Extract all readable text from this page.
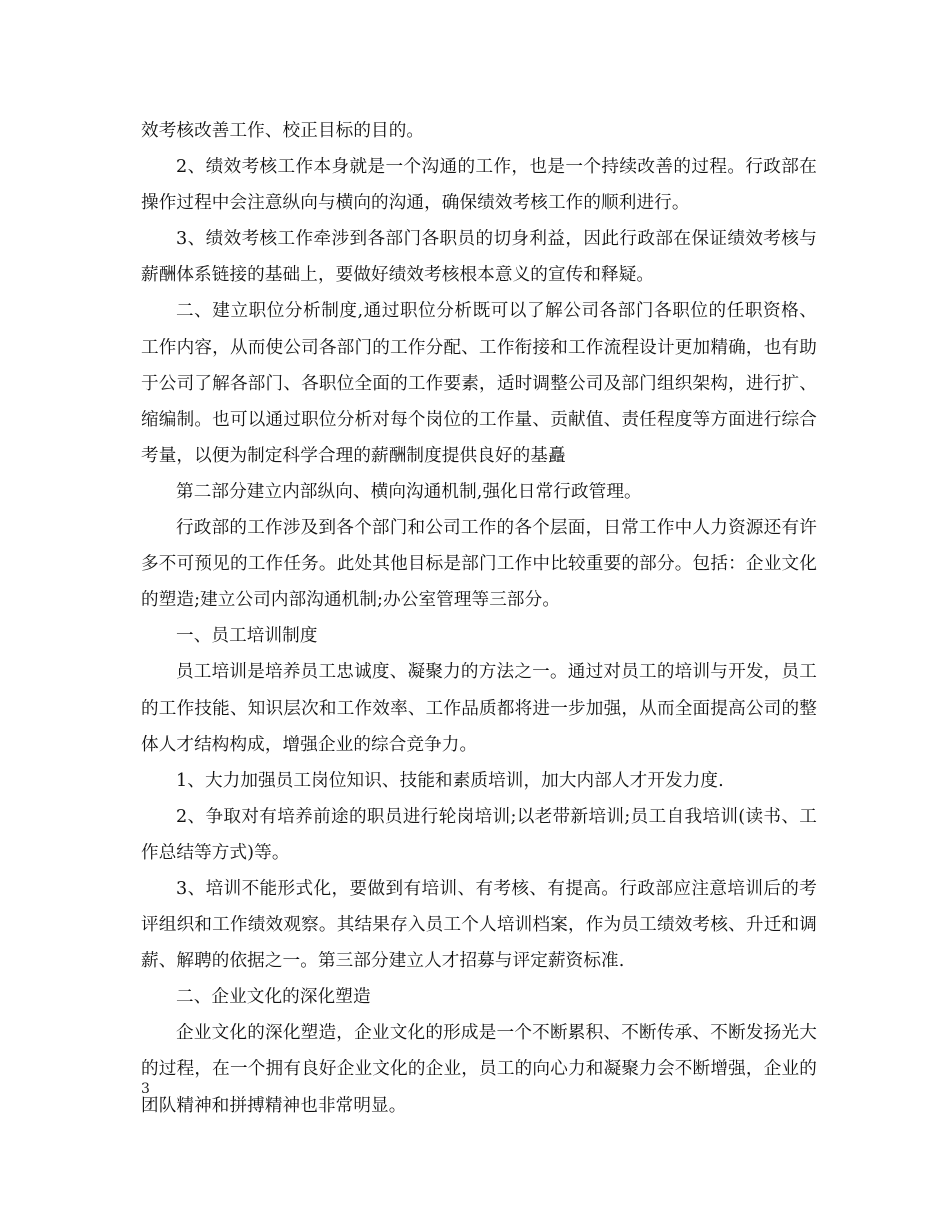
效考核改善工作、校正目标的目的。

2、绩效考核工作本身就是一个沟通的工作，也是一个持续改善的过程。行政部在操作过程中会注意纵向与横向的沟通，确保绩效考核工作的顺利进行。

3、绩效考核工作牵涉到各部门各职员的切身利益，因此行政部在保证绩效考核与薪酬体系链接的基础上，要做好绩效考核根本意义的宣传和释疑。

二、建立职位分析制度,通过职位分析既可以了解公司各部门各职位的任职资格、工作内容，从而使公司各部门的工作分配、工作衔接和工作流程设计更加精确，也有助于公司了解各部门、各职位全面的工作要素，适时调整公司及部门组织架构，进行扩、缩编制。也可以通过职位分析对每个岗位的工作量、贡献值、责任程度等方面进行综合考量，以便为制定科学合理的薪酬制度提供良好的基矗

第二部分建立内部纵向、横向沟通机制,强化日常行政管理。

行政部的工作涉及到各个部门和公司工作的各个层面，日常工作中人力资源还有许多不可预见的工作任务。此处其他目标是部门工作中比较重要的部分。包括：企业文化的塑造;建立公司内部沟通机制;办公室管理等三部分。

一、员工培训制度

员工培训是培养员工忠诚度、凝聚力的方法之一。通过对员工的培训与开发，员工的工作技能、知识层次和工作效率、工作品质都将进一步加强，从而全面提高公司的整体人才结构构成，增强企业的综合竞争力。

1、大力加强员工岗位知识、技能和素质培训，加大内部人才开发力度.

2、争取对有培养前途的职员进行轮岗培训;以老带新培训;员工自我培训(读书、工作总结等方式)等。

3、培训不能形式化，要做到有培训、有考核、有提高。行政部应注意培训后的考评组织和工作绩效观察。其结果存入员工个人培训档案，作为员工绩效考核、升迁和调薪、解聘的依据之一。第三部分建立人才招募与评定薪资标准.

二、企业文化的深化塑造

企业文化的深化塑造，企业文化的形成是一个不断累积、不断传承、不断发扬光大的过程，在一个拥有良好企业文化的企业，员工的向心力和凝聚力会不断增强，企业的团队精神和拼搏精神也非常明显。

3
